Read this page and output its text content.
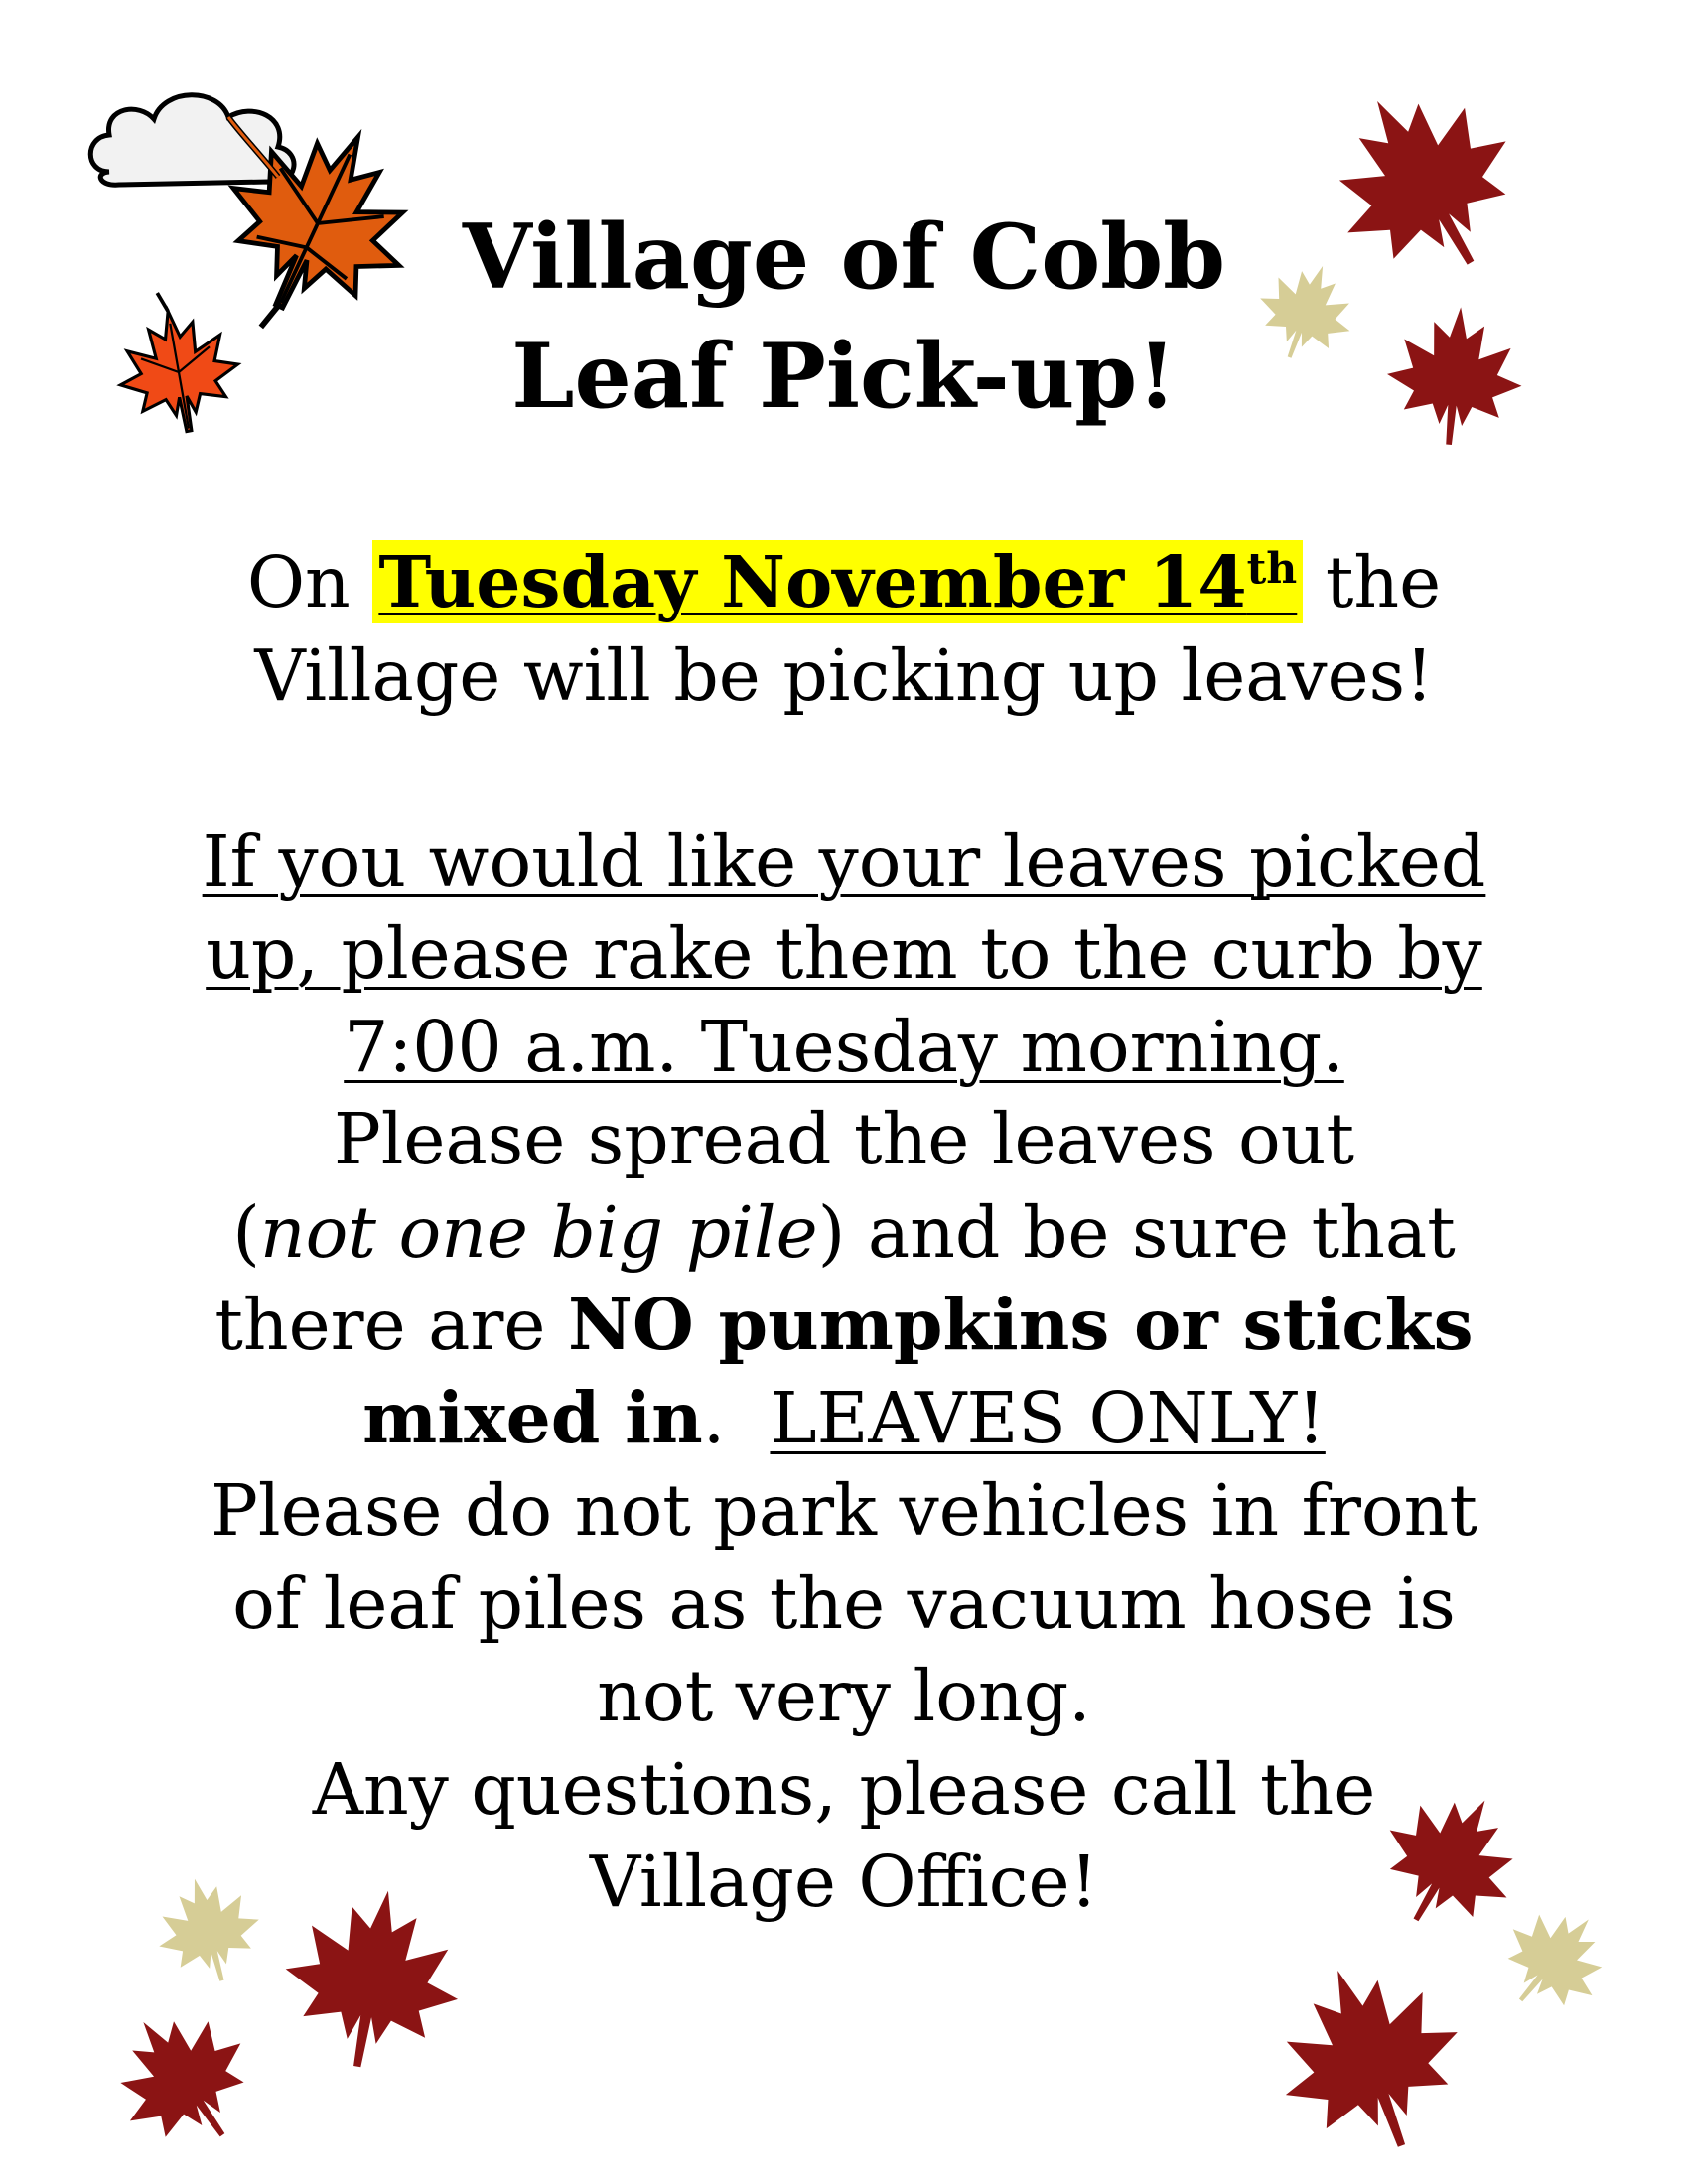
Village of Cobb
Leaf Pick-up!
On Tuesday November 14th the
Village will be picking up leaves!
If you would like your leaves picked
up, please rake them to the curb by
7:00 a.m. Tuesday morning.
Please spread the leaves out
(not one big pile) and be sure that
there are NO pumpkins or sticks
mixed in.  LEAVES ONLY!
Please do not park vehicles in front
of leaf piles as the vacuum hose is
not very long.
Any questions, please call the
Village Office!
